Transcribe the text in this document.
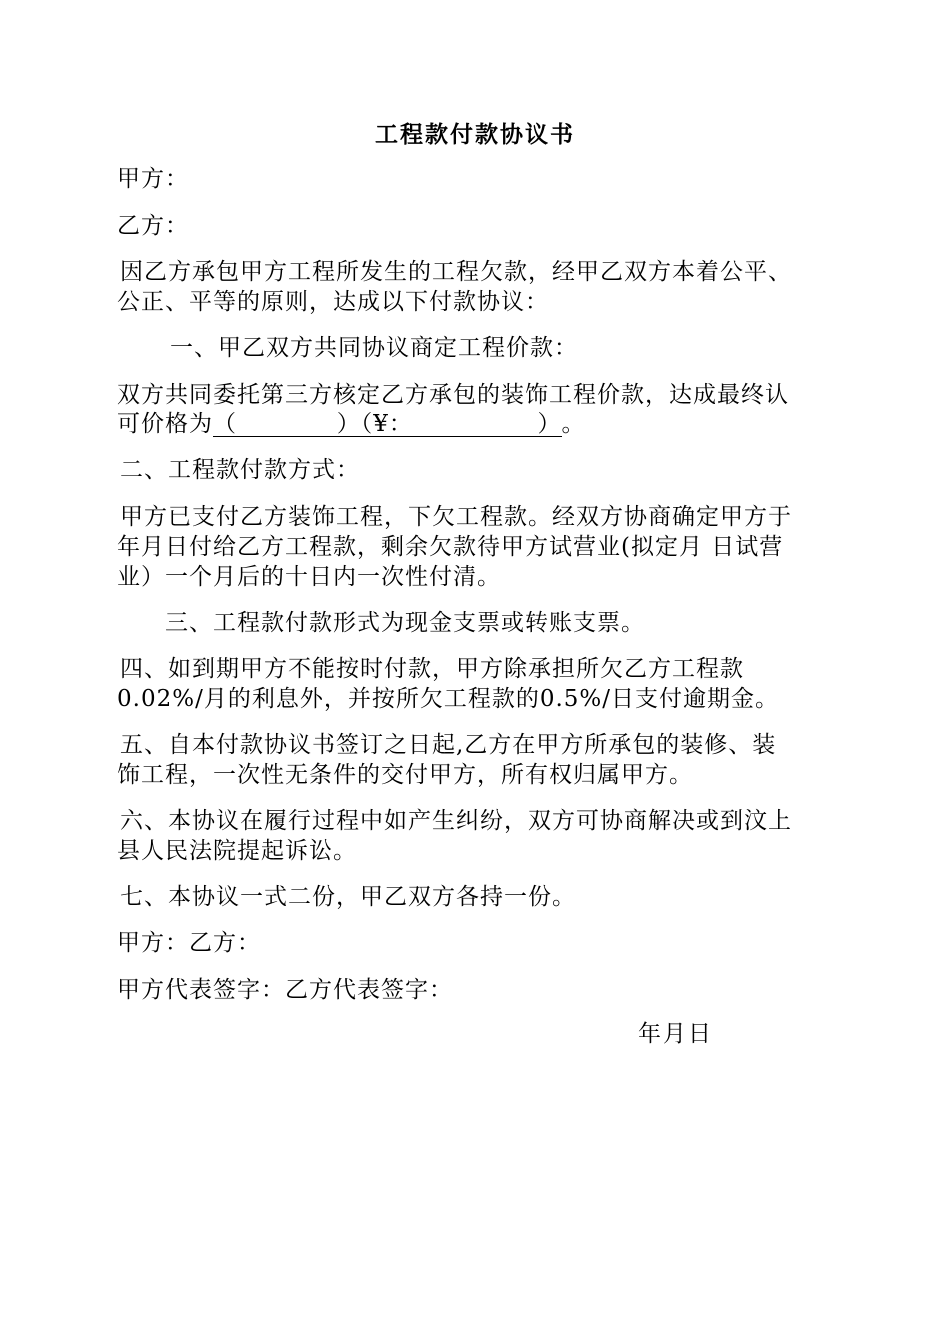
工程款付款协议书
甲方：
乙方：
因乙方承包甲方工程所发生的工程欠款，经甲乙双方本着公平、
公正、平等的原则，达成以下付款协议：
一、甲乙双方共同协议商定工程价款：
双方共同委托第三方核定乙方承包的装饰工程价款，达成最终认
可价格为（            ）（¥：               ）。
二、工程款付款方式：
甲方已支付乙方装饰工程，下欠工程款。经双方协商确定甲方于
年月日付给乙方工程款，剩余欠款待甲方试营业(拟定月 日试营
业）一个月后的十日内一次性付清。
三、工程款付款形式为现金支票或转账支票。
四、如到期甲方不能按时付款，甲方除承担所欠乙方工程款
0.02%/月的利息外，并按所欠工程款的0.5%/日支付逾期金。
五、自本付款协议书签订之日起,乙方在甲方所承包的装修、装
饰工程，一次性无条件的交付甲方，所有权归属甲方。
六、本协议在履行过程中如产生纠纷，双方可协商解决或到汶上
县人民法院提起诉讼。
七、本协议一式二份，甲乙双方各持一份。
甲方：乙方：
甲方代表签字：乙方代表签字：
年月日
